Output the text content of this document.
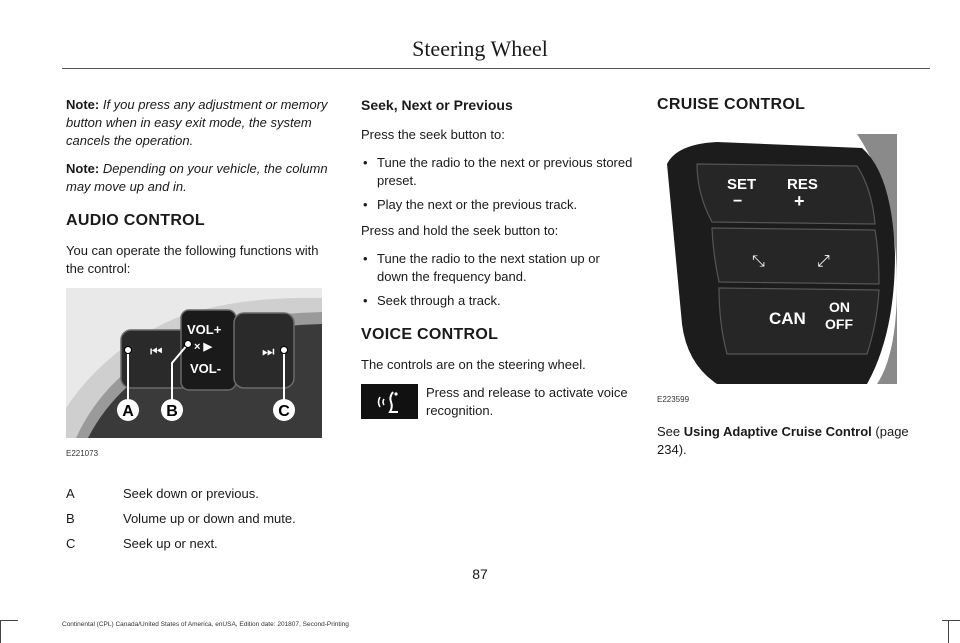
Steering Wheel

Note: If you press any adjustment or memory button when in easy exit mode, the system cancels the operation.

Note: Depending on your vehicle, the column may move up and in.

AUDIO CONTROL

You can operate the following functions with the control:

⏮
VOL+
× ▶
VOL-
⏭
A B	C
E221073
A	Seek down or previous.
B	Volume up or down and mute.
C	Seek up or next.
Seek, Next or Previous

Press the seek button to:

• Tune the radio to the next or previous stored preset.
• Play the next or the previous track.

Press and hold the seek button to:

• Tune the radio to the next station up or down the frequency band.
• Seek through a track.
VOICE CONTROL

The controls are on the steering wheel.

Press and release to activate voice recognition.
CRUISE CONTROL
SET
−
RES
+
⤡	⤢
CAN
ON
OFF
E223599

See Using Adaptive Cruise Control (page 234).

87
Continental (CPL) Canada/United States of America, enUSA, Edition date: 201807, Second-Printing
